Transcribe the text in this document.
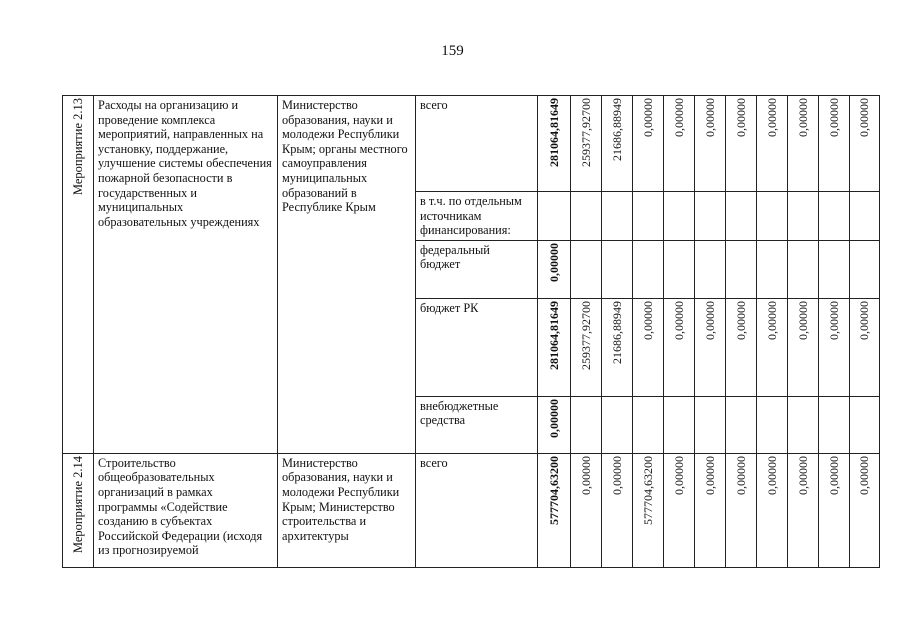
159
Мероприятие 2.13	Расходы на организацию и проведение комплекса мероприятий, направленных на установку, поддержание, улучшение системы обеспечения пожарной безопасности в государственных и муниципальных образовательных учреждениях	Министерство образования, науки и молодежи Республики Крым; органы местного самоуправления муниципальных образований в Республике Крым	всего	281064,81649	259377,92700	21686,88949	0,00000	0,00000	0,00000	0,00000	0,00000	0,00000	0,00000	0,00000

			в т.ч. по отдельным источникам финансирования:											

			федеральный бюджет	0,00000										

			бюджет РК	281064,81649	259377,92700	21686,88949	0,00000	0,00000	0,00000	0,00000	0,00000	0,00000	0,00000	0,00000

			внебюджетные средства	0,00000										

Мероприятие 2.14	Строительство общеобразовательных организаций в рамках программы «Содействие созданию в субъектах Российской Федерации (исходя из прогнозируемой	Министерство образования, науки и молодежи Республики Крым; Министерство строительства и архитектуры	всего	577704,63200	0,00000	0,00000	577704,63200	0,00000	0,00000	0,00000	0,00000	0,00000	0,00000	0,00000
